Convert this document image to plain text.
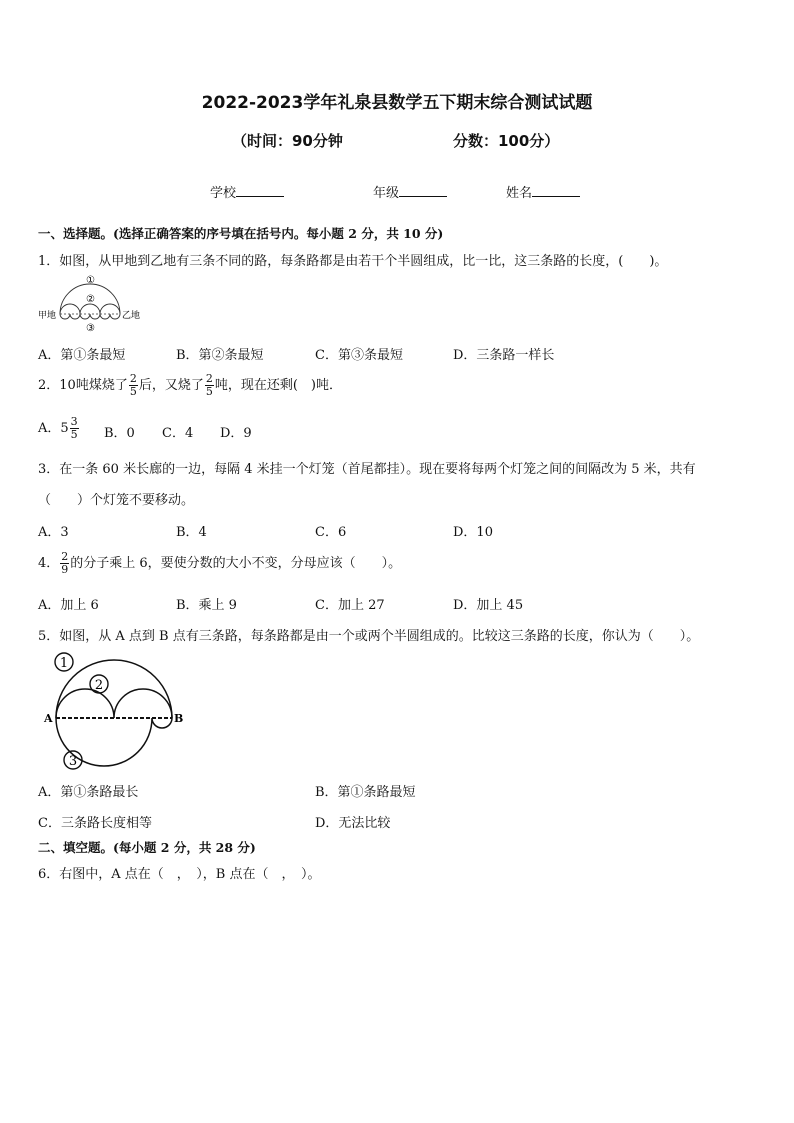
2022-2023学年礼泉县数学五下期末综合测试试题
（时间：90分钟	分数：100分）
学校	年级	姓名
一、选择题。(选择正确答案的序号填在括号内。每小题 2 分，共 10 分)
1．如图，从甲地到乙地有三条不同的路，每条路都是由若干个半圆组成，比一比，这三条路的长度，(　　)。
甲地	乙地
①
②
③
A．第①条最短	B．第②条最短	C．第③条最短	D．三条路一样长
2．10吨煤烧了 $\frac{2}{5}$ 后，又烧了 $\frac{2}{5}$ 吨，现在还剩(　)吨．
A．$5 \frac{3}{5}$ B．0 C．4 D．9
3．在一条 60 米长廊的一边，每隔 4 米挂一个灯笼（首尾都挂）。现在要将每两个灯笼之间的间隔改为 5 米，共有
（　　）个灯笼不要移动。
A．3	B．4	C．6	D．10
4． $\frac{2}{9}$ 的分子乘上 6，要使分数的大小不变，分母应该（　　）。
A．加上 6	B．乘上 9	C．加上 27	D．加上 45
5．如图，从 A 点到 B 点有三条路，每条路都是由一个或两个半圆组成的。比较这三条路的长度，你认为（　　）。
1
2
3
A	B
A．第①条路最长	B．第①条路最短
C．三条路长度相等	D．无法比较
二、填空题。(每小题 2 分，共 28 分)
6．右图中，A 点在（　，　），B 点在（　，　）。
